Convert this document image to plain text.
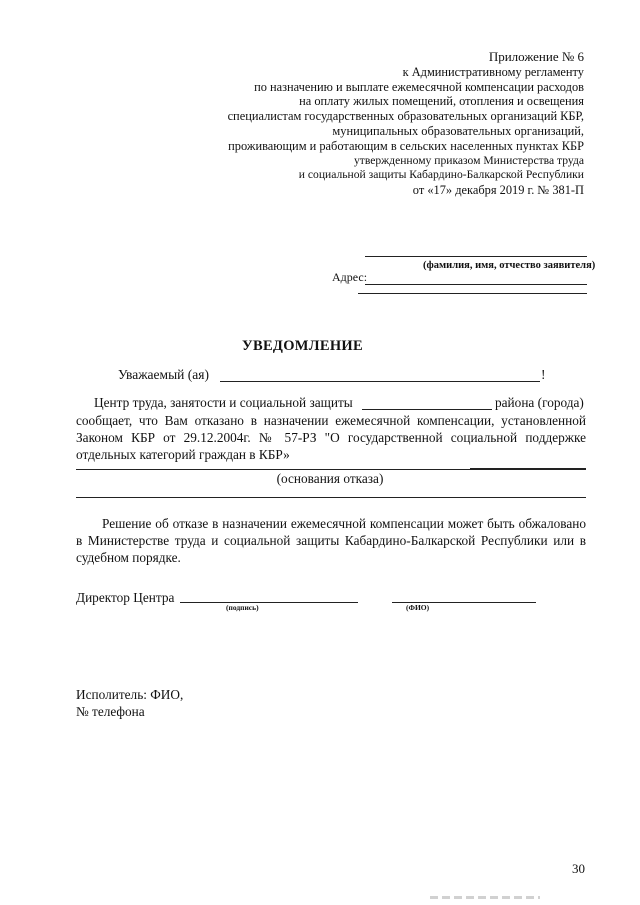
Приложение № 6
к Административному регламенту
по назначению и выплате ежемесячной компенсации расходов
на оплату жилых помещений, отопления и освещения
специалистам государственных образовательных организаций КБР,
муниципальных образовательных организаций,
проживающим и работающим в сельских населенных пунктах КБР
утвержденному приказом Министерства труда
и социальной защиты Кабардино-Балкарской Республики
от «17» декабря 2019 г. № 381-П
(фамилия, имя, отчество заявителя)
Адрес:
УВЕДОМЛЕНИЕ
Уважаемый (ая)	!
Центр труда, занятости и социальной защиты	района (города)
сообщает, что Вам отказано в назначении ежемесячной компенсации, установленной Законом КБР от 29.12.2004г. № 57-РЗ "О государственной социальной поддержке отдельных категорий граждан в КБР»
(основания отказа)
Решение об отказе в назначении ежемесячной компенсации может быть обжаловано в Министерстве труда и социальной защиты Кабардино-Балкарской Республики или в судебном порядке.
Директор Центра
(подпись)	(ФИО)
Исполитель: ФИО,
№ телефона
30
